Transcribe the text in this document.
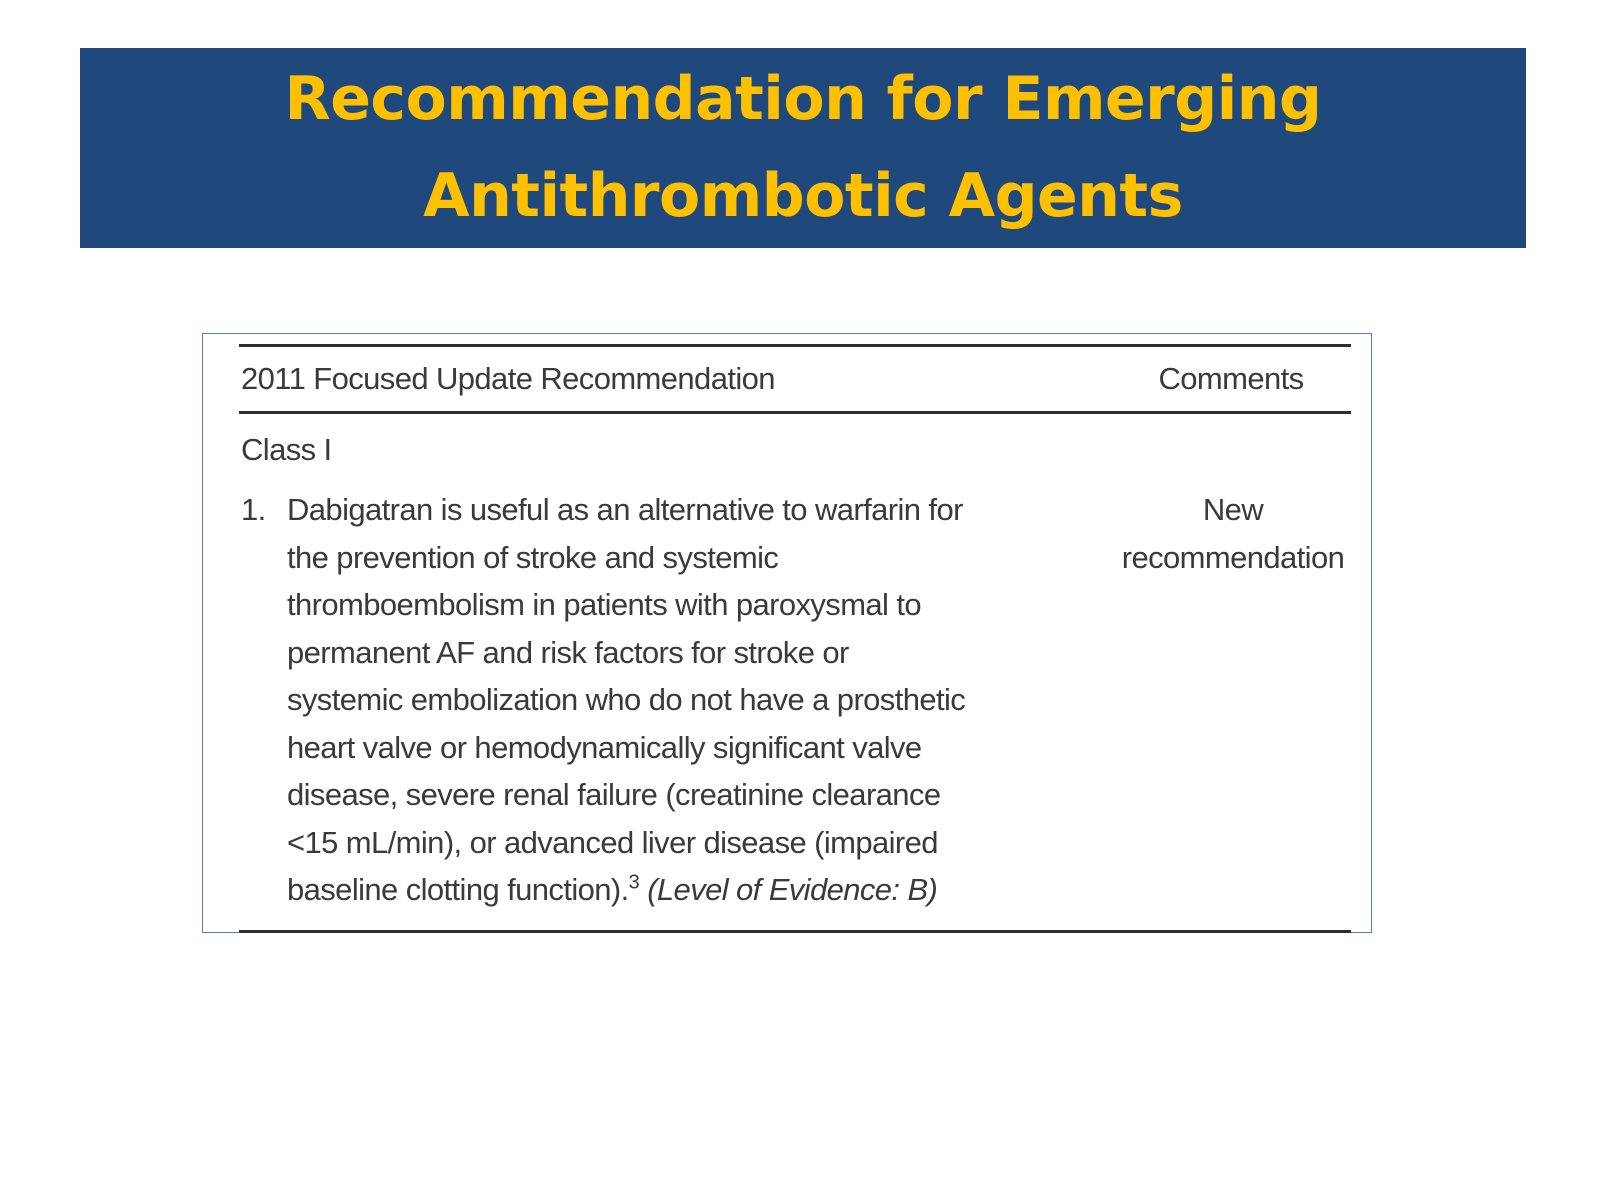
Recommendation for Emerging
Antithrombotic Agents
2011 Focused Update Recommendation	Comments
Class I
1. Dabigatran is useful as an alternative to warfarin for
the prevention of stroke and systemic
thromboembolism in patients with paroxysmal to
permanent AF and risk factors for stroke or
systemic embolization who do not have a prosthetic
heart valve or hemodynamically significant valve
disease, severe renal failure (creatinine clearance
<15 mL/min), or advanced liver disease (impaired
baseline clotting function).$^3$ (Level of Evidence: B)
New
recommendation
